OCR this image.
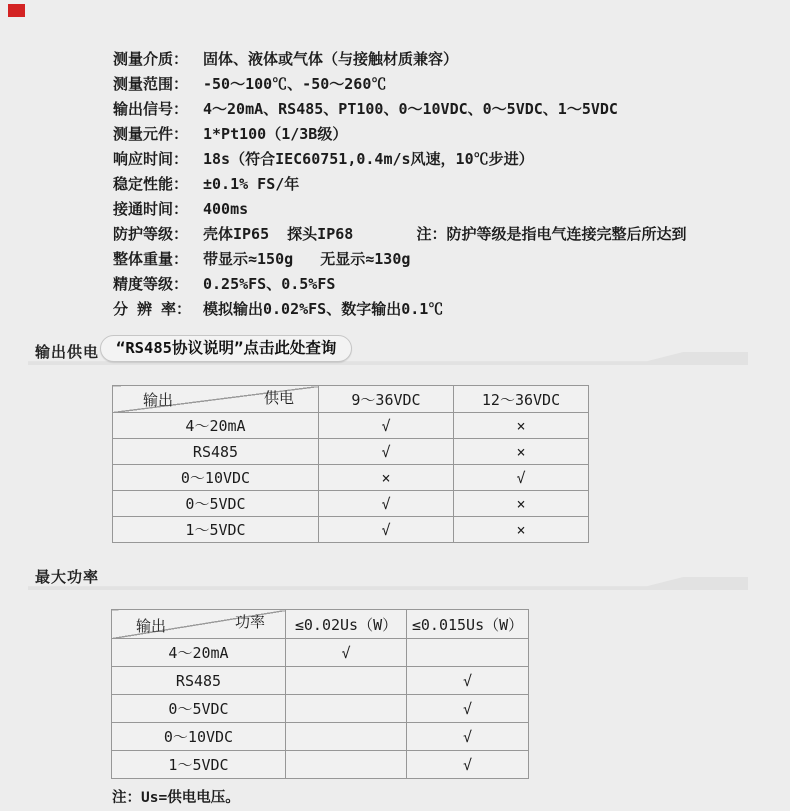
测量介质： 固体、液体或气体（与接触材质兼容）
测量范围： -50～100℃、-50～260℃
输出信号： 4～20mA、RS485、PT100、0～10VDC、0～5VDC、1～5VDC
测量元件： 1*Pt100（1/3B级）
响应时间： 18s（符合IEC60751,0.4m/s风速，10℃步进）
稳定性能： ±0.1% FS/年
接通时间： 400ms
防护等级： 壳体IP65  探头IP68       注：防护等级是指电气连接完整后所达到
整体重量： 带显示≈150g   无显示≈130g
精度等级： 0.25%FS、0.5%FS
分 辨 率： 模拟输出0.02%FS、数字输出0.1℃
输出供电	“RS485协议说明”点击此处查询
供电
输出	9～36VDC	12～36VDC
4～20mA	√	×
RS485	√	×
0～10VDC	×	√
0～5VDC	√	×
1～5VDC	√	×
最大功率
功率
输出	≤0.02Us（W）	≤0.015Us（W）
4～20mA	√	
RS485		√
0～5VDC		√
0～10VDC		√
1～5VDC		√
注：Us=供电电压。
